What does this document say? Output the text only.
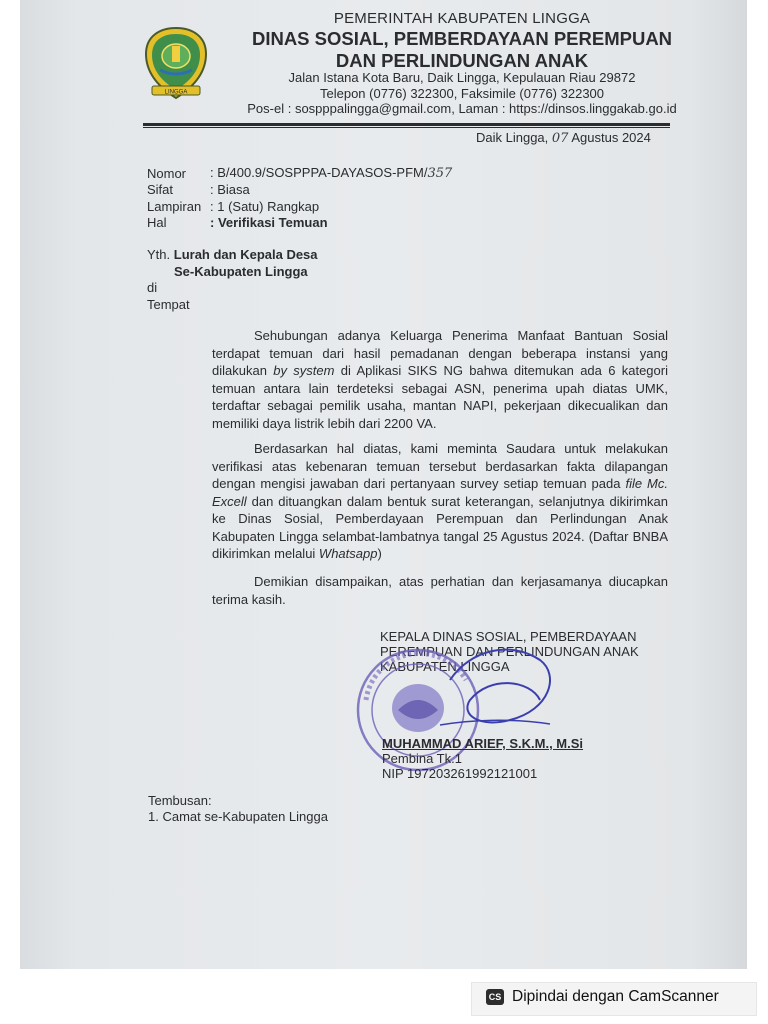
LINGGA
PEMERINTAH KABUPATEN LINGGA
DINAS SOSIAL, PEMBERDAYAAN PEREMPUAN
DAN PERLINDUNGAN ANAK
Jalan Istana Kota Baru, Daik Lingga, Kepulauan Riau 29872
Telepon (0776) 322300, Faksimile (0776) 322300
Pos-el : sospppalingga@gmail.com, Laman : https://dinsos.linggakab.go.id
Daik Lingga, 07 Agustus 2024
Nomor : B/400.9/SOSPPPA-DAYASOS-PFM/357
Sifat	: Biasa
Lampiran : 1 (Satu) Rangkap
Hal	: Verifikasi Temuan
Yth. Lurah dan Kepala Desa
Se-Kabupaten Lingga
di
Tempat

Sehubungan adanya Keluarga Penerima Manfaat Bantuan Sosial terdapat temuan dari hasil pemadanan dengan beberapa instansi yang dilakukan by system di Aplikasi SIKS NG bahwa ditemukan ada 6 kategori temuan antara lain terdeteksi sebagai ASN, penerima upah diatas UMK, terdaftar sebagai pemilik usaha, mantan NAPI, pekerjaan dikecualikan dan memiliki daya listrik lebih dari 2200 VA.

Berdasarkan hal diatas, kami meminta Saudara untuk melakukan verifikasi atas kebenaran temuan tersebut berdasarkan fakta dilapangan dengan mengisi jawaban dari pertanyaan survey setiap temuan pada file Mc. Excell dan dituangkan dalam bentuk surat keterangan, selanjutnya dikirimkan ke Dinas Sosial, Pemberdayaan Perempuan dan Perlindungan Anak Kabupaten Lingga selambat-lambatnya tangal 25 Agustus 2024. (Daftar BNBA dikirimkan melalui Whatsapp)

Demikian disampaikan, atas perhatian dan kerjasamanya diucapkan terima kasih.

KEPALA DINAS SOSIAL, PEMBERDAYAAN
PEREMPUAN DAN PERLINDUNGAN ANAK
KABUPATEN LINGGA
MUHAMMAD ARIEF, S.K.M., M.Si
Pembina Tk.1
NIP 197203261992121001
Tembusan:
1. Camat se-Kabupaten Lingga
CS Dipindai dengan CamScanner
